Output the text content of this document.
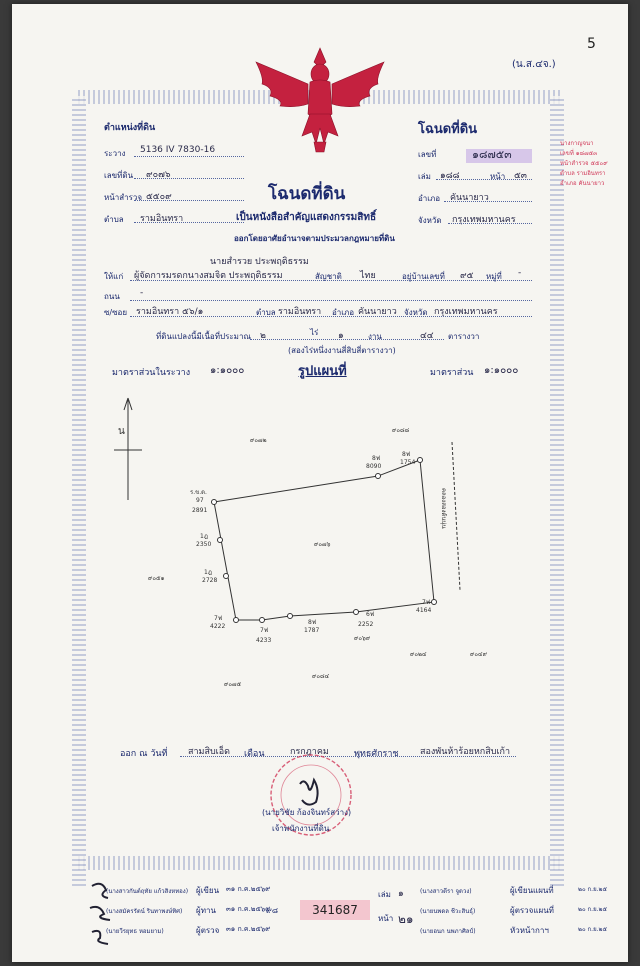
(น.ส.๔จ.)
5
ตำแหน่งที่ดิน
ระวาง 5136 IV 7830-16
เลขที่ดิน ๙๐๗๖
หน้าสำรวจ ๕๕๐๙
ตำบล รามอินทรา
โฉนดที่ดิน
เลขที่	๑๘๗๕๓
เล่ม ๑๘๘	หน้า ๕๓
อำเภอ คันนายาว
จังหวัด กรุงเทพมหานคร
นางกาญจนา
เลขที่ ๑๘๗๕๓
หน้าสำรวจ ๕๕๐๙
ตำบล รามอินทรา
อำเภอ คันนายาว
โฉนดที่ดิน
เป็นหนังสือสำคัญแสดงกรรมสิทธิ์
ออกโดยอาศัยอำนาจตามประมวลกฎหมายที่ดิน
นายสำรวย ประพฤติธรรม
ให้แก่ ผู้จัดการมรดกนางสมจิต ประพฤติธรรม	สัญชาติ ไทย	อยู่บ้านเลขที่ ๙๕ หมู่ที่ -
ถนน -
ซ/ซอย รามอินทรา ๕๖/๑	ตำบล รามอินทรา อำเภอ คันนายาว จังหวัด กรุงเทพมหานคร
ที่ดินแปลงนี้มีเนื้อที่ประมาณ ๒	ไร่ ๑	งาน	๔๔ ตารางวา
(สองไร่หนึ่งงานสี่สิบสี่ตารางวา)
มาตราส่วนในระวาง ๑:๑๐๐๐	รูปแผนที่	มาตราส่วน ๑:๑๐๐๐
น
คลองสองต้นนุ่น
๙๐๗๖
๙๐๗๒
๙๐๘๘
๙๐๕๑
๙๐๖๙
๙๐๘๔
๙๐๒๔
๙๐๗๕
๙๐๔๙
ร.ข.ด.
97
2891
8ฟ
8090
8ฟ
1754
1ฎ
2350
1ฎ
2728
7ฟ
4222
7ฟ
4233
8ฟ
1787
6ฟ
2252
7ฟ
4164
ออก ณ วันที่ สามสิบเอ็ด เดือน	กรกฎาคม	พุทธศักราช สองพันห้าร้อยหกสิบเก้า
(นายวิชัย ก้องจินทร์สว่าง)
เจ้าพนักงานที่ดิน
(นางสาวกันต์ฤทัย แก้วสิงหทอง) ผู้เขียน ๓๑ ก.ค.๒๕๖๙
(นางสมัครรัตน์ รินทาพงษ์ทิศ) ผู้ทาน ๓๑ ก.ค.๒๕๖๙
(นายวีรยุทธ หอมยาม)	ผู้ตรวจ ๓๑ ก.ค.๒๕๖๙
๙๘	341687
เล่ม ๑
หน้า ๒๑
(นางสาวดีรา จูดวง)	ผู้เขียนแผนที่	๒๐ ก.ย.๒๕
(นายนพดล ชีวะสินธุ์)	ผู้ตรวจแผนที่	๒๐ ก.ย.๒๕
(นายอนก นพภาศิลป์)	หัวหน้ากาฯ	๒๐ ก.ย.๒๕
